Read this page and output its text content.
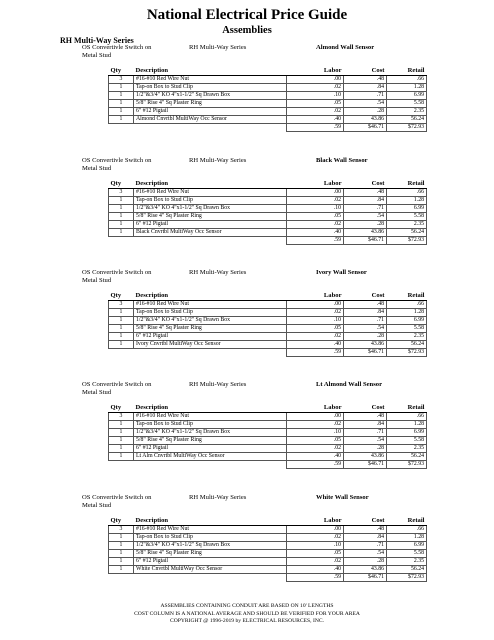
National Electrical Price Guide
Assemblies
RH Multi-Way Series
OS Convertivle Switch on
Metal Stud
RH Multi-Way Series	Almond Wall Sensor
Qty	Description	Labor	Cost	Retail
3	#16-#10 Red Wire Nut	.00	.48	.66
1	Tap-on Box to Stud Clip	.02	.84	1.28
1	1/2"&3/4" KO 4"x1-1/2" Sq Drawn Box	.10	.71	6.99
1	5/8" Rise 4" Sq Plaster Ring	.05	.54	5.58
1	6" #12 Pigtail	.02	.28	2.35
1	Almond Cnvrtbl MultiWay Occ Sensor	.40	43.86	56.24
		.59	$46.71	$72.93
OS Convertivle Switch on
Metal Stud
RH Multi-Way Series	Black Wall Sensor
Qty	Description	Labor	Cost	Retail
3	#16-#10 Red Wire Nut	.00	.48	.66
1	Tap-on Box to Stud Clip	.02	.84	1.28
1	1/2"&3/4" KO 4"x1-1/2" Sq Drawn Box	.10	.71	6.99
1	5/8" Rise 4" Sq Plaster Ring	.05	.54	5.58
1	6" #12 Pigtail	.02	.28	2.35
1	Black Cnvrtbl MultiWay Occ Sensor	.40	43.86	56.24
		.59	$46.71	$72.93
OS Convertivle Switch on
Metal Stud
RH Multi-Way Series	Ivory Wall Sensor
Qty	Description	Labor	Cost	Retail
3	#16-#10 Red Wire Nut	.00	.48	.66
1	Tap-on Box to Stud Clip	.02	.84	1.28
1	1/2"&3/4" KO 4"x1-1/2" Sq Drawn Box	.10	.71	6.99
1	5/8" Rise 4" Sq Plaster Ring	.05	.54	5.58
1	6" #12 Pigtail	.02	.28	2.35
1	Ivory Cnvrtbl MultiWay Occ Sensor	.40	43.86	56.24
		.59	$46.71	$72.93
OS Convertivle Switch on
Metal Stud
RH Multi-Way Series	Lt Almond Wall Sensor
Qty	Description	Labor	Cost	Retail
3	#16-#10 Red Wire Nut	.00	.48	.66
1	Tap-on Box to Stud Clip	.02	.84	1.28
1	1/2"&3/4" KO 4"x1-1/2" Sq Drawn Box	.10	.71	6.99
1	5/8" Rise 4" Sq Plaster Ring	.05	.54	5.58
1	6" #12 Pigtail	.02	.28	2.35
1	Lt Alm Cnvrtbl MultiWay Occ Sensor	.40	43.86	56.24
		.59	$46.71	$72.93
OS Convertivle Switch on
Metal Stud
RH Multi-Way Series	White Wall Sensor
Qty	Description	Labor	Cost	Retail
3	#16-#10 Red Wire Nut	.00	.48	.66
1	Tap-on Box to Stud Clip	.02	.84	1.28
1	1/2"&3/4" KO 4"x1-1/2" Sq Drawn Box	.10	.71	6.99
1	5/8" Rise 4" Sq Plaster Ring	.05	.54	5.58
1	6" #12 Pigtail	.02	.28	2.35
1	White Cnvrtbl MultiWay Occ Sensor	.40	43.86	56.24
		.59	$46.71	$72.93
ASSEMBLIES CONTAINING CONDUIT ARE BASED ON 10' LENGTHS
COST COLUMN IS A NATIONAL AVERAGE AND SHOULD BE VERIFIED FOR YOUR AREA
COPYRIGHT @ 1996-2019 by ELECTRICAL RESOURCES, INC.
